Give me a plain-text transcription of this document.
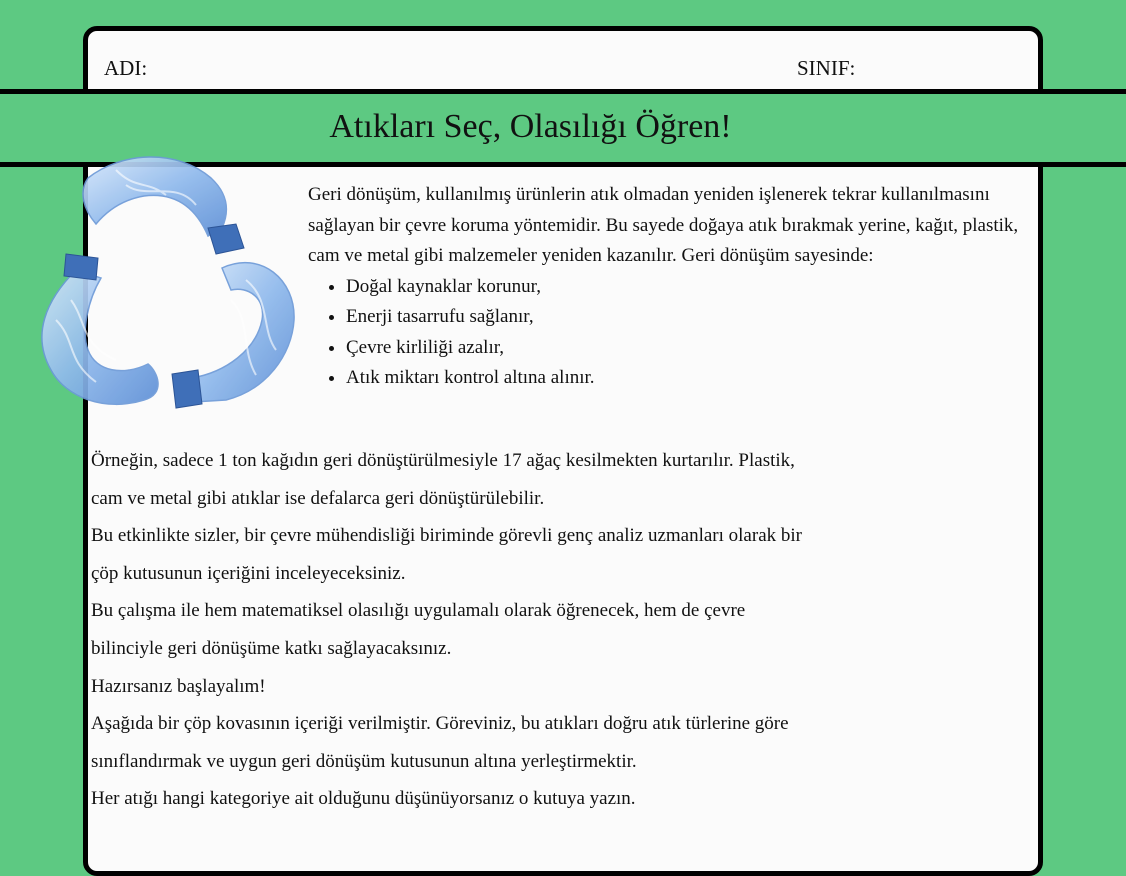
ADI:	SINIF:
Atıkları Seç, Olasılığı Öğren!

Geri dönüşüm, kullanılmış ürünlerin atık olmadan yeniden işlenerek tekrar kullanılmasını sağlayan bir çevre koruma yöntemidir. Bu sayede doğaya atık bırakmak yerine, kağıt, plastik, cam ve metal gibi malzemeler yeniden kazanılır. Geri dönüşüm sayesinde:

• Doğal kaynaklar korunur,
• Enerji tasarrufu sağlanır,
• Çevre kirliliği azalır,
• Atık miktarı kontrol altına alınır.

Örneğin, sadece 1 ton kağıdın geri dönüştürülmesiyle 17 ağaç kesilmekten kurtarılır. Plastik,

cam ve metal gibi atıklar ise defalarca geri dönüştürülebilir.

Bu etkinlikte sizler, bir çevre mühendisliği biriminde görevli genç analiz uzmanları olarak bir

çöp kutusunun içeriğini inceleyeceksiniz.

Bu çalışma ile hem matematiksel olasılığı uygulamalı olarak öğrenecek, hem de çevre

bilinciyle geri dönüşüme katkı sağlayacaksınız.

Hazırsanız başlayalım!

Aşağıda bir çöp kovasının içeriği verilmiştir. Göreviniz, bu atıkları doğru atık türlerine göre

sınıflandırmak ve uygun geri dönüşüm kutusunun altına yerleştirmektir.

Her atığı hangi kategoriye ait olduğunu düşünüyorsanız o kutuya yazın.
